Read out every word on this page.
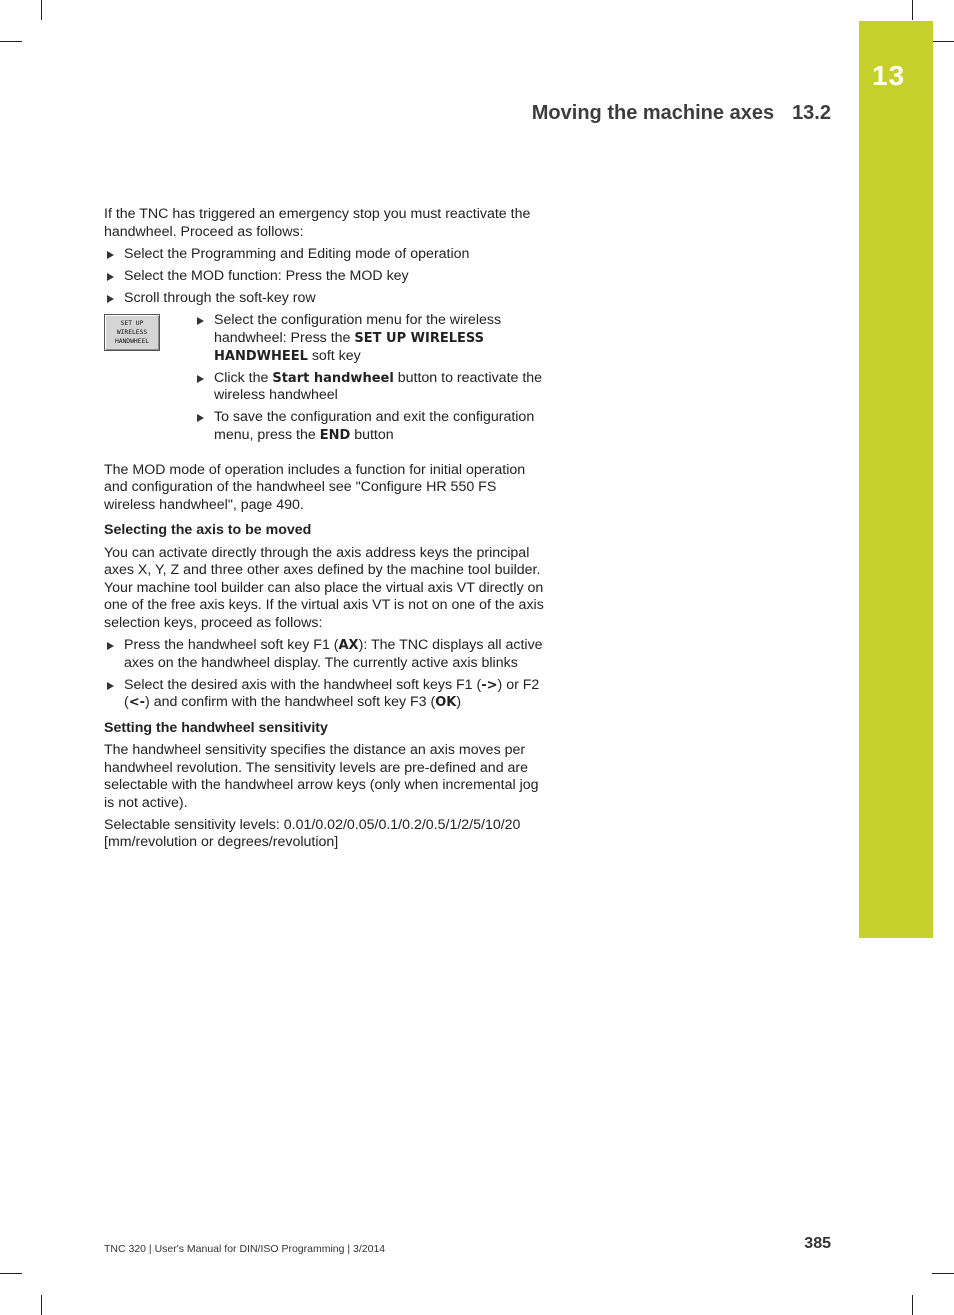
13
Moving the machine axes 13.2

If the TNC has triggered an emergency stop you must reactivate the handwheel. Proceed as follows:

Select the Programming and Editing mode of operation
Select the MOD function: Press the MOD key
Scroll through the soft-key row
SET UP
WIRELESS
HANDWHEEL
Select the configuration menu for the wireless handwheel: Press the SET UP WIRELESS HANDWHEEL soft key
Click the Start handwheel button to reactivate the wireless handwheel
To save the configuration and exit the configuration menu, press the END button

The MOD mode of operation includes a function for initial operation and configuration of the handwheel see "Configure HR 550 FS wireless handwheel", page 490.

Selecting the axis to be moved

You can activate directly through the axis address keys the principal axes X, Y, Z and three other axes defined by the machine tool builder. Your machine tool builder can also place the virtual axis VT directly on one of the free axis keys. If the virtual axis VT is not on one of the axis selection keys, proceed as follows:

Press the handwheel soft key F1 (AX): The TNC displays all active axes on the handwheel display. The currently active axis blinks
Select the desired axis with the handwheel soft keys F1 (->) or F2 (<-) and confirm with the handwheel soft key F3 (OK)
Setting the handwheel sensitivity

The handwheel sensitivity specifies the distance an axis moves per handwheel revolution. The sensitivity levels are pre-defined and are selectable with the handwheel arrow keys (only when incremental jog is not active).

Selectable sensitivity levels: 0.01/0.02/0.05/0.1/0.2/0.5/1/2/5/10/20 [mm/revolution or degrees/revolution]

TNC 320 | User's Manual for DIN/ISO Programming | 3/2014	385
